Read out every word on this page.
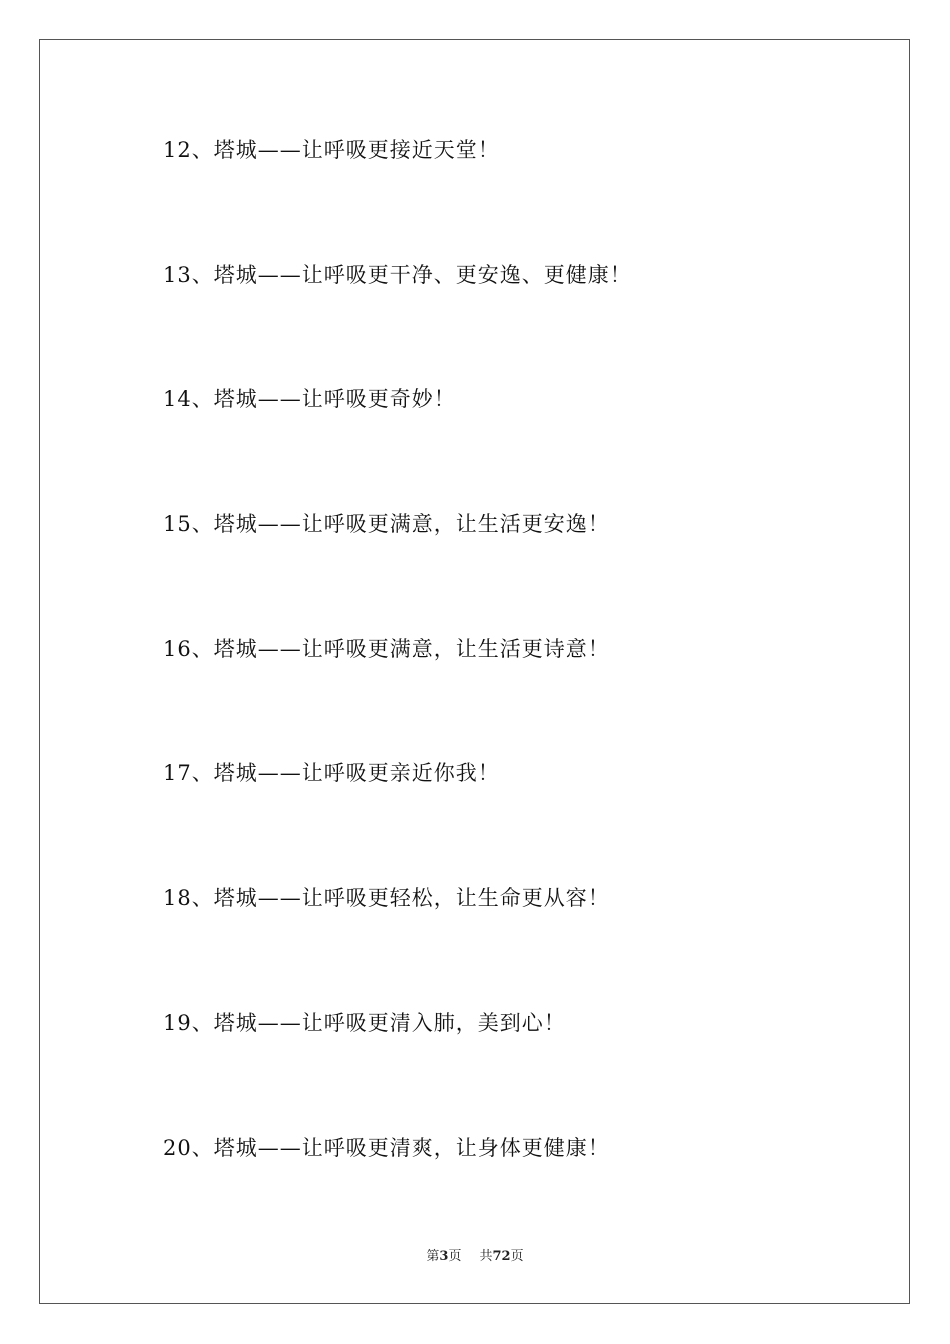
12、塔城——让呼吸更接近天堂！
13、塔城——让呼吸更干净、更安逸、更健康！
14、塔城——让呼吸更奇妙！
15、塔城——让呼吸更满意，让生活更安逸！
16、塔城——让呼吸更满意，让生活更诗意！
17、塔城——让呼吸更亲近你我！
18、塔城——让呼吸更轻松，让生命更从容！
19、塔城——让呼吸更清入肺，美到心！
20、塔城——让呼吸更清爽，让身体更健康！
第3页 共72页
